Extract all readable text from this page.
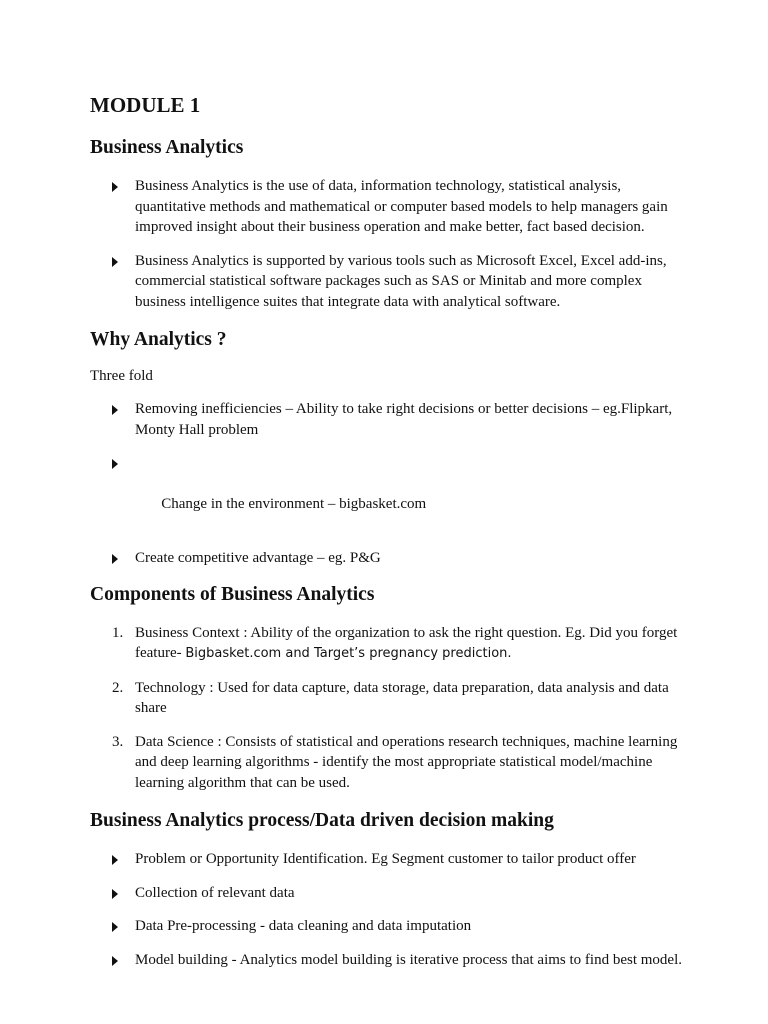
MODULE 1
Business Analytics
Business Analytics is the use of data, information technology, statistical analysis, quantitative methods and mathematical or computer based models to help managers gain improved insight about their business operation and make better, fact based decision.
Business Analytics is supported by various tools such as Microsoft Excel, Excel add-ins, commercial statistical software packages such as SAS or Minitab and more complex business intelligence suites that integrate data with analytical software.
Why Analytics ?

Three fold

Removing inefficiencies – Ability to take right decisions or better decisions – eg.Flipkart, Monty Hall problem

Change in the environment – bigbasket.com

Create competitive advantage – eg. P&G
Components of Business Analytics
1. Business Context : Ability of the organization to ask the right question. Eg. Did you forget feature- Bigbasket.com and Target’s pregnancy prediction.
2. Technology : Used for data capture, data storage, data preparation, data analysis and data share
3. Data Science : Consists of statistical and operations research techniques, machine learning and deep learning algorithms - identify the most appropriate statistical model/machine learning algorithm that can be used.
Business Analytics process/Data driven decision making
Problem or Opportunity Identification. Eg Segment customer to tailor product offer
Collection of relevant data
Data Pre-processing - data cleaning and data imputation
Model building - Analytics model building is iterative process that aims to find best model.
